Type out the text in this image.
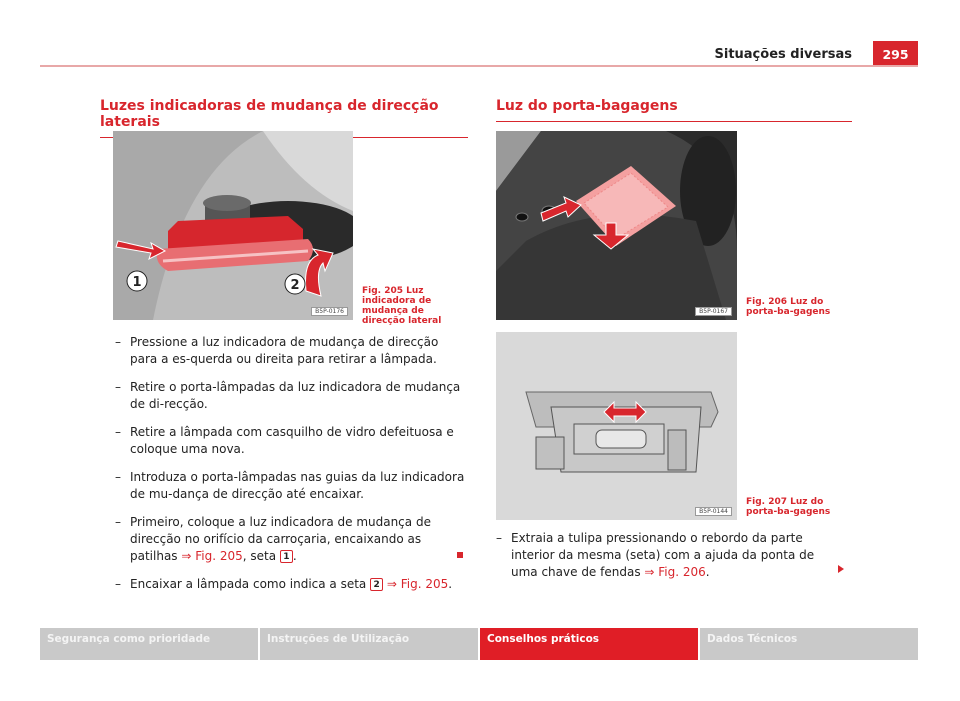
Situações diversas	295
Luzes indicadoras de mudança de direcção laterais
1	2
B5P-0176
Fig. 205 Luz indicadora de mudança de direcção lateral
– Pressione a luz indicadora de mudança de direcção para a es-querda ou direita para retirar a lâmpada.
– Retire o porta-lâmpadas da luz indicadora de mudança de di-recção.
– Retire a lâmpada com casquilho de vidro defeituosa e coloque uma nova.
– Introduza o porta-lâmpadas nas guias da luz indicadora de mu-dança de direcção até encaixar.
– Primeiro, coloque a luz indicadora de mudança de direcção no orifício da carroçaria, encaixando as patilhas ⇒ Fig. 205, seta 1 .
– Encaixar a lâmpada como indica a seta 2 ⇒ Fig. 205.
Luz do porta-bagagens
B5P-0167
Fig. 206 Luz do porta-ba-gagens
B5P-0144
Fig. 207 Luz do porta-ba-gagens
– Extraia a tulipa pressionando o rebordo da parte interior da mesma (seta) com a ajuda da ponta de uma chave de fendas ⇒ Fig. 206.
Segurança como prioridade	Instruções de Utilização	Conselhos práticos	Dados Técnicos
